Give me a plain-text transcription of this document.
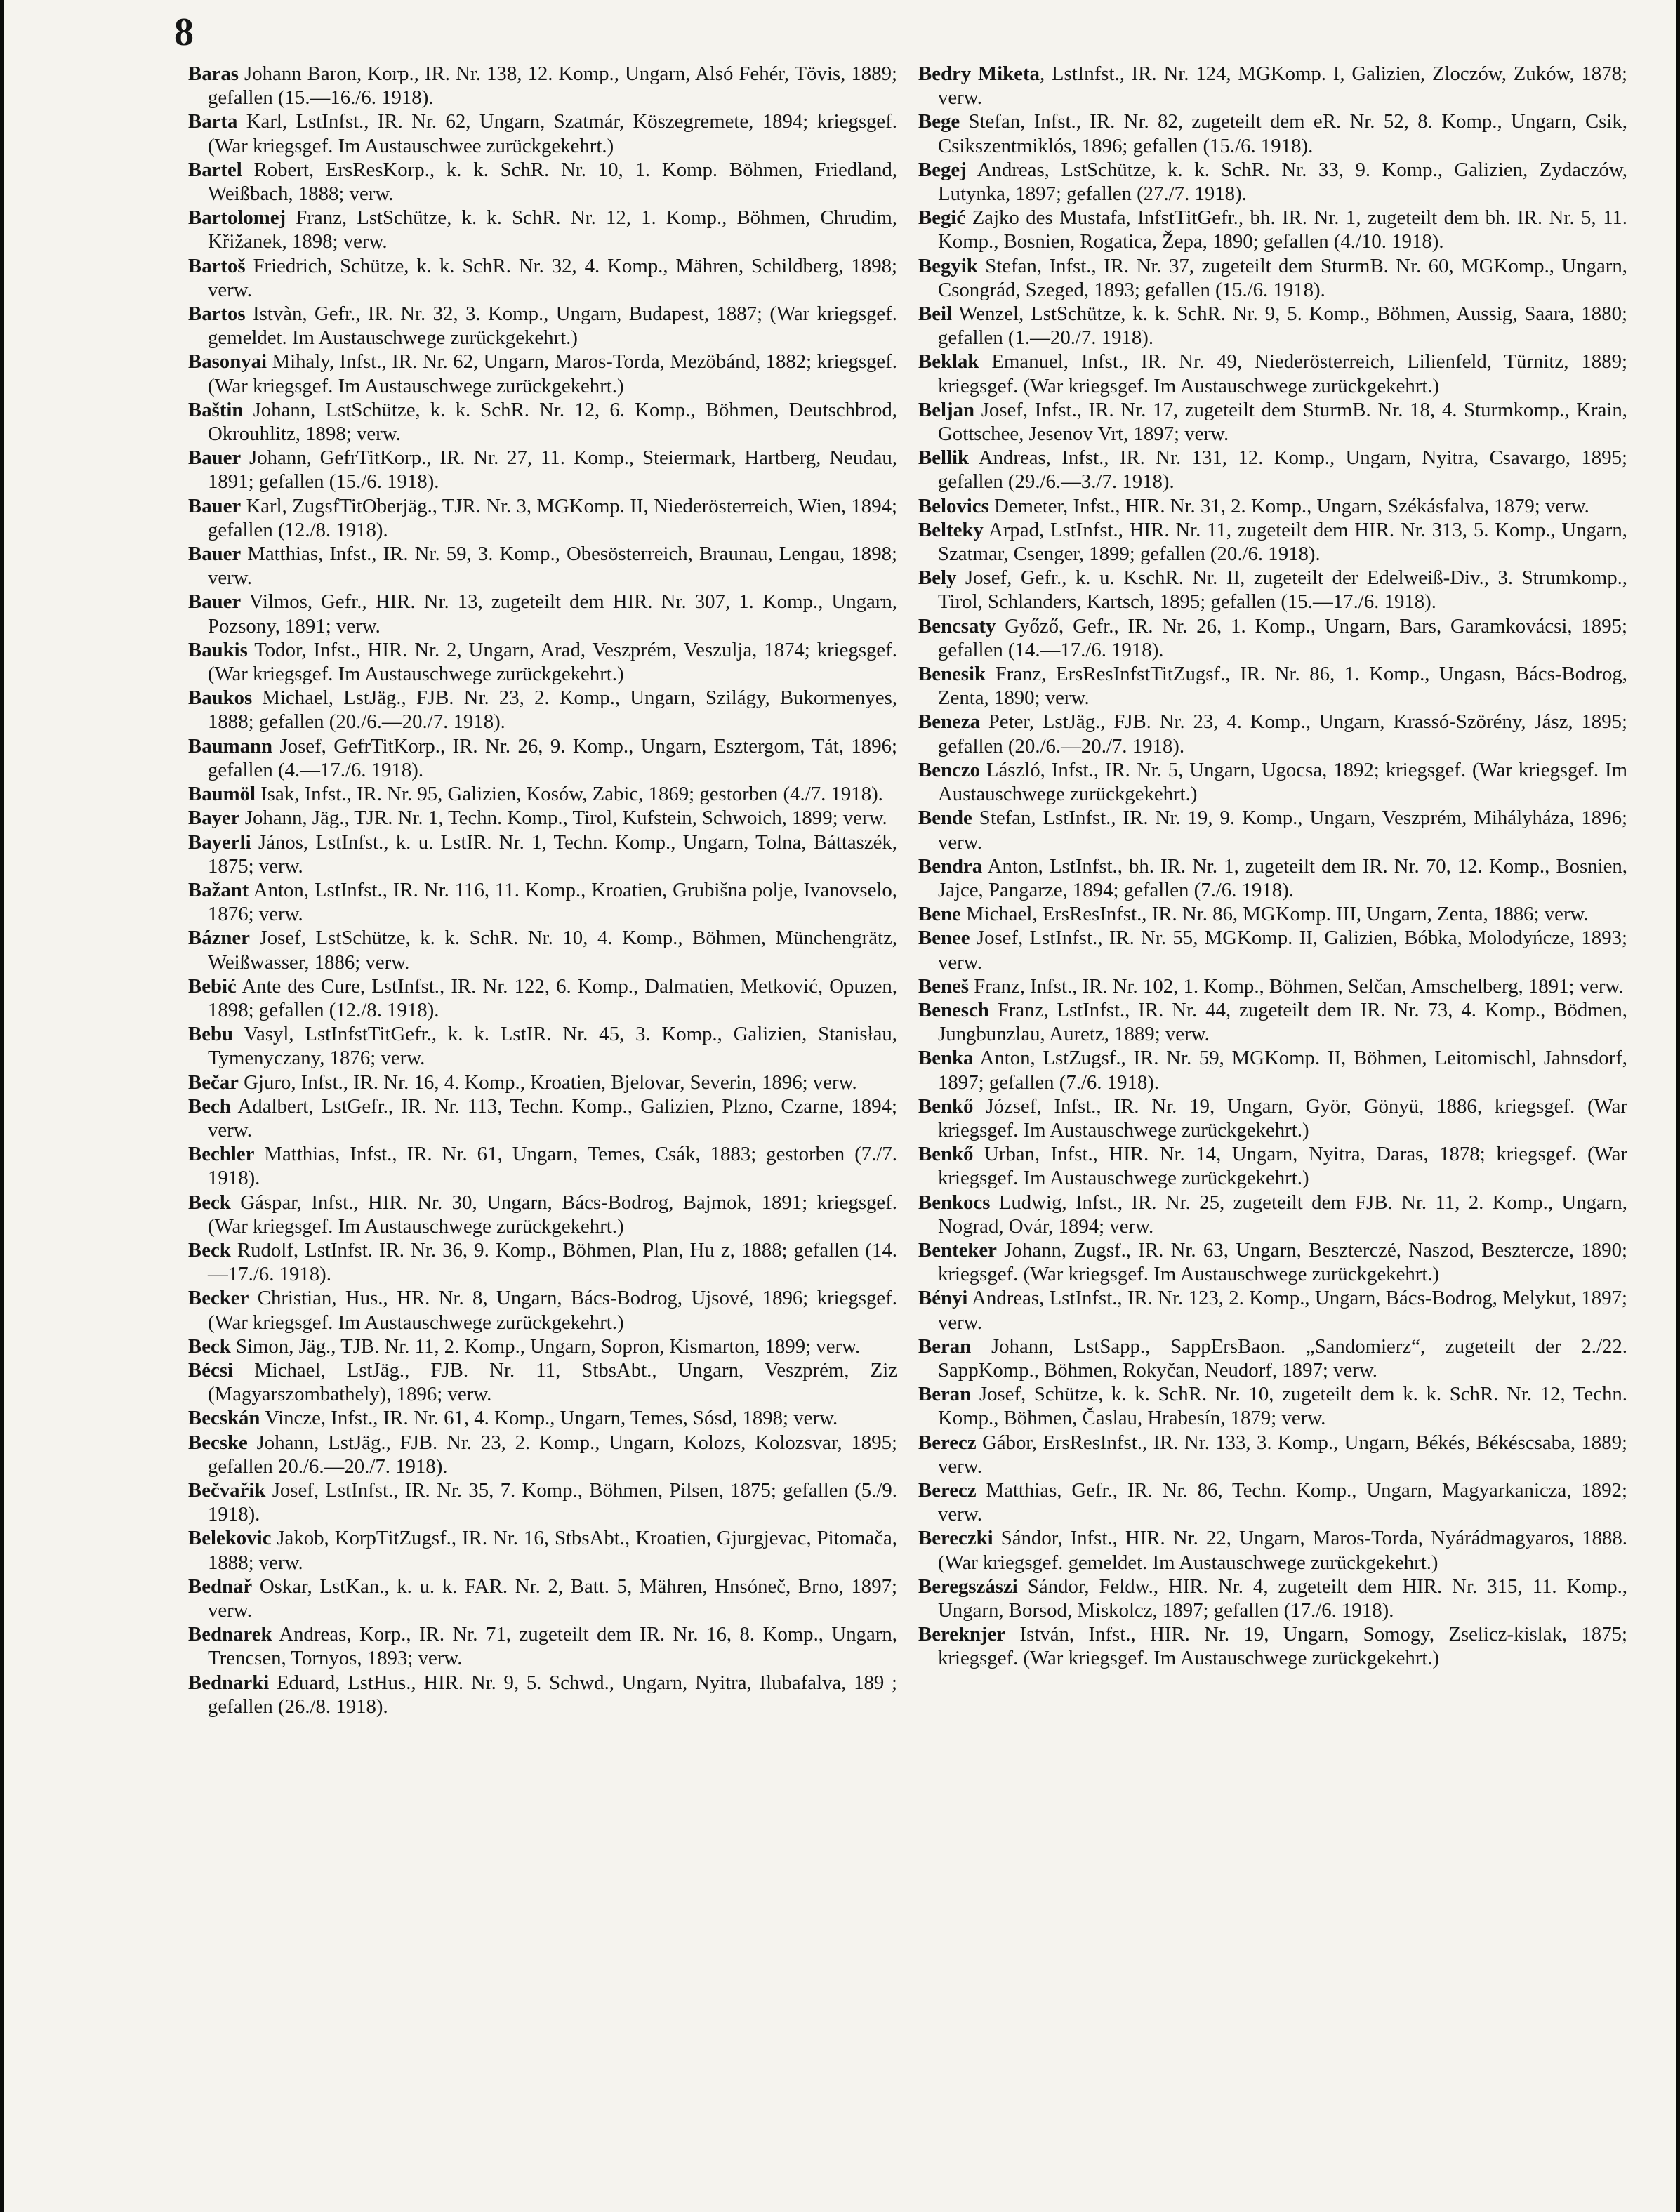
8
Baras Johann Baron, Korp., IR. Nr. 138, 12. Komp., Ungarn, Alsó Fehér, Tövis, 1889; gefallen (15.—16./6. 1918).
Barta Karl, LstInfst., IR. Nr. 62, Ungarn, Szatmár, Köszegremete, 1894; kriegsgef. (War kriegsgef. Im Austauschwe͏e zurückgekehrt.)
Bartel Robert, ErsResKorp., k. k. SchR. Nr. 10, 1. Komp. Böhmen, Friedland, Weißbach, 1888; verw.
Bartolomej Franz, LstSchütze, k. k. SchR. Nr. 12, 1. Komp., Böhmen, Chrudim, Křižanek, 1898; verw.
Bartoš Friedrich, Schütze, k. k. SchR. Nr. 32, 4. Komp., Mähren, Schildberg, 1898; verw.
Bartos Istvàn, Gefr., IR. Nr. 32, 3. Komp., Ungarn, Budapest, 1887; (War kriegsgef. gemeldet. Im Austauschwege zurückgekehrt.)
Basonyai Mihaly, Infst., IR. Nr. 62, Ungarn, Maros-Torda, Mezöbánd, 1882; kriegsgef. (War kriegsgef. Im Austauschwege zurückgekehrt.)
Baštin Johann, LstSchütze, k. k. SchR. Nr. 12, 6. Komp., Böhmen, Deutschbrod, Okrouhlitz, 1898; verw.
Bauer Johann, GefrTitKorp., IR. Nr. 27, 11. Komp., Steiermark, Hartberg, Neudau, 1891; gefallen (15./6. 1918).
Bauer Karl, ZugsfTitOberjäg., TJR. Nr. 3, MGKomp. II, Niederösterreich, Wien, 1894; gefallen (12./8. 1918).
Bauer Matthias, Infst., IR. Nr. 59, 3. Komp., Obesösterreich, Braunau, Lengau, 1898; verw.
Bauer Vilmos, Gefr., HIR. Nr. 13, zugeteilt dem HIR. Nr. 307, 1. Komp., Ungarn, Pozsony, 1891; verw.
Baukis Todor, Infst., HIR. Nr. 2, Ungarn, Arad, Veszprém, Veszulja, 1874; kriegsgef. (War kriegsgef. Im Austauschwege zurückgekehrt.)
Baukos Michael, LstJäg., FJB. Nr. 23, 2. Komp., Ungarn, Szilágy, Bukormenyes, 1888; gefallen (20./6.—20./7. 1918).
Baumann Josef, GefrTitKorp., IR. Nr. 26, 9. Komp., Ungarn, Esztergom, Tát, 1896; gefallen (4.—17./6. 1918).
Baumöl Isak, Infst., IR. Nr. 95, Galizien, Kosów, Zabic, 1869; gestorben (4./7. 1918).
Bayer Johann, Jäg., TJR. Nr. 1, Techn. Komp., Tirol, Kufstein, Schwoich, 1899; verw.
Bayerli János, LstInfst., k. u. LstIR. Nr. 1, Techn. Komp., Ungarn, Tolna, Báttaszék, 1875; verw.
Bažant Anton, LstInfst., IR. Nr. 116, 11. Komp., Kroatien, Grubišna polje, Ivanovselo, 1876; verw.
Bázner Josef, LstSchütze, k. k. SchR. Nr. 10, 4. Komp., Böhmen, Münchengrätz, Weißwasser, 1886; verw.
Bebić Ante des Cure, LstInfst., IR. Nr. 122, 6. Komp., Dalmatien, Metković, Opuzen, 1898; gefallen (12./8. 1918).
Bebu Vasyl, LstInfstTitGefr., k. k. LstIR. Nr. 45, 3. Komp., Galizien, Stanisłau, Tymenyczany, 1876; verw.
Bečar Gjuro, Infst., IR. Nr. 16, 4. Komp., Kroatien, Bjelovar, Severin, 1896; verw.
Bech Adalbert, LstGefr., IR. Nr. 113, Techn. Komp., Galizien, Plzno, Czarne, 1894; verw.
Bechler Matthias, Infst., IR. Nr. 61, Ungarn, Temes, Csák, 1883; gestorben (7./7. 1918).
Beck Gáspar, Infst., HIR. Nr. 30, Ungarn, Bács-Bodrog, Bajmok, 1891; kriegsgef. (War kriegsgef. Im Austauschwege zurückgekehrt.)
Beck Rudolf, LstInfst. IR. Nr. 36, 9. Komp., Böhmen, Plan, Hu z, 1888; gefallen (14.—17./6. 1918).
Becker Christian, Hus., HR. Nr. 8, Ungarn, Bács-Bodrog, Ujsové, 1896; kriegsgef. (War kriegsgef. Im Austauschwege zurückgekehrt.)
Beck Simon, Jäg., TJB. Nr. 11, 2. Komp., Ungarn, Sopron, Kismarton, 1899; verw.
Bécsi Michael, LstJäg., FJB. Nr. 11, StbsAbt., Ungarn, Veszprém, Ziz (Magyarszombathely), 1896; verw.
Becskán Vincze, Infst., IR. Nr. 61, 4. Komp., Ungarn, Temes, Sósd, 1898; verw.
Becske Johann, LstJäg., FJB. Nr. 23, 2. Komp., Ungarn, Kolozs, Kolozsvar, 1895; gefallen 20./6.—20./7. 1918).
Bečvařik Josef, LstInfst., IR. Nr. 35, 7. Komp., Böhmen, Pilsen, 1875; gefallen (5./9. 1918).
Belekovic Jakob, KorpTitZugsf., IR. Nr. 16, StbsAbt., Kroatien, Gjurgjevac, Pitomača, 1888; verw.
Bednař Oskar, LstKan., k. u. k. FAR. Nr. 2, Batt. 5, Mähren, Hnsóneč, Brno, 1897; verw.
Bednarek Andreas, Korp., IR. Nr. 71, zugeteilt dem IR. Nr. 16, 8. Komp., Ungarn, Trencsen, Tornyos, 1893; verw.
Bednarki Eduard, LstHus., HIR. Nr. 9, 5. Schwd., Ungarn, Nyitra, Ilubafalva, 189 ; gefallen (26./8. 1918).
Bedry Miketa, LstInfst., IR. Nr. 124, MGKomp. I, Galizien, Zloczów, Zuków, 1878; verw.
Bege Stefan, Infst., IR. Nr. 82, zugeteilt dem eR. Nr. 52, 8. Komp., Ungarn, Csik, Csikszentmiklós, 1896; gefallen (15./6. 1918).
Begej Andreas, LstSchütze, k. k. SchR. Nr. 33, 9. Komp., Galizien, Zydaczów, Lutynka, 1897; gefallen (27./7. 1918).
Begić Zajko des Mustafa, InfstTitGefr., bh. IR. Nr. 1, zugeteilt dem bh. IR. Nr. 5, 11. Komp., Bosnien, Rogatica, Žepa, 1890; gefallen (4./10. 1918).
Begyik Stefan, Infst., IR. Nr. 37, zugeteilt dem SturmB. Nr. 60, MGKomp., Ungarn, Csongrád, Szeged, 1893; gefallen (15./6. 1918).
Beil Wenzel, LstSchütze, k. k. SchR. Nr. 9, 5. Komp., Böhmen, Aussig, Saara, 1880; gefallen (1.—20./7. 1918).
Beklak Emanuel, Infst., IR. Nr. 49, Niederösterreich, Lilienfeld, Türnitz, 1889; kriegsgef. (War kriegsgef. Im Austauschwege zurückgekehrt.)
Beljan Josef, Infst., IR. Nr. 17, zugeteilt dem SturmB. Nr. 18, 4. Sturmkomp., Krain, Gottschee, Jesenov Vrt, 1897; verw.
Bellik Andreas, Infst., IR. Nr. 131, 12. Komp., Ungarn, Nyitra, Csavargo, 1895; gefallen (29./6.—3./7. 1918).
Belovics Demeter, Infst., HIR. Nr. 31, 2. Komp., Ungarn, Székásfalva, 1879; verw.
Belteky Arpad, LstInfst., HIR. Nr. 11, zugeteilt dem HIR. Nr. 313, 5. Komp., Ungarn, Szatmar, Csenger, 1899; gefallen (20./6. 1918).
Bely Josef, Gefr., k. u. KschR. Nr. II, zugeteilt der Edelweiß-Div., 3. Strumkomp., Tirol, Schlanders, Kartsch, 1895; gefallen (15.—17./6. 1918).
Bencsaty Győző, Gefr., IR. Nr. 26, 1. Komp., Ungarn, Bars, Garamkovácsi, 1895; gefallen (14.—17./6. 1918).
Benesik Franz, ErsResInfstTitZugsf., IR. Nr. 86, 1. Komp., Ungasn, Bács-Bodrog, Zenta, 1890; verw.
Beneza Peter, LstJäg., FJB. Nr. 23, 4. Komp., Ungarn, Krassó-Szörény, Jász, 1895; gefallen (20./6.—20./7. 1918).
Benczo László, Infst., IR. Nr. 5, Ungarn, Ugocsa, 1892; kriegsgef. (War kriegsgef. Im Austauschwege zurückgekehrt.)
Bende Stefan, LstInfst., IR. Nr. 19, 9. Komp., Ungarn, Veszprém, Mihályháza, 1896; verw.
Bendra Anton, LstInfst., bh. IR. Nr. 1, zugeteilt dem IR. Nr. 70, 12. Komp., Bosnien, Jajce, Pangarze, 1894; gefallen (7./6. 1918).
Bene Michael, ErsResInfst., IR. Nr. 86, MGKomp. III, Ungarn, Zenta, 1886; verw.
Benee Josef, LstInfst., IR. Nr. 55, MGKomp. II, Galizien, Bóbka, Molodyńcze, 1893; verw.
Beneš Franz, Infst., IR. Nr. 102, 1. Komp., Böhmen, Selčan, Amschelberg, 1891; verw.
Benesch Franz, LstInfst., IR. Nr. 44, zugeteilt dem IR. Nr. 73, 4. Komp., Bödmen, Jungbunzlau, Auretz, 1889; verw.
Benka Anton, LstZugsf., IR. Nr. 59, MGKomp. II, Böhmen, Leitomischl, Jahnsdorf, 1897; gefallen (7./6. 1918).
Benkő József, Infst., IR. Nr. 19, Ungarn, Györ, Gönyü, 1886, kriegsgef. (War kriegsgef. Im Austauschwege zurückgekehrt.)
Benkő Urban, Infst., HIR. Nr. 14, Ungarn, Nyitra, Daras, 1878; kriegsgef. (War kriegsgef. Im Austauschwege zurückgekehrt.)
Benkocs Ludwig, Infst., IR. Nr. 25, zugeteilt dem FJB. Nr. 11, 2. Komp., Ungarn, Nograd, Ovár, 1894; verw.
Benteker Johann, Zugsf., IR. Nr. 63, Ungarn, Beszterczé, Naszod, Besztercze, 1890; kriegsgef. (War kriegsgef. Im Austauschwege zurückgekehrt.)
Bényi Andreas, LstInfst., IR. Nr. 123, 2. Komp., Ungarn, Bács-Bodrog, Melykut, 1897; verw.
Beran Johann, LstSapp., SappErsBaon. „Sandomierz“, zugeteilt der 2./22. SappKomp., Böhmen, Rokyčan, Neudorf, 1897; verw.
Beran Josef, Schütze, k. k. SchR. Nr. 10, zugeteilt dem k. k. SchR. Nr. 12, Techn. Komp., Böhmen, Časlau, Hrabesín, 1879; verw.
Berecz Gábor, ErsResInfst., IR. Nr. 133, 3. Komp., Ungarn, Békés, Békéscsaba, 1889; verw.
Berecz Matthias, Gefr., IR. Nr. 86, Techn. Komp., Ungarn, Magyarkanicza, 1892; verw.
Bereczki Sándor, Infst., HIR. Nr. 22, Ungarn, Maros-Torda, Nyárádmagyaros, 1888. (War kriegsgef. gemeldet. Im Austauschwege zurückgekehrt.)
Beregszászi Sándor, Feldw., HIR. Nr. 4, zugeteilt dem HIR. Nr. 315, 11. Komp., Ungarn, Borsod, Miskolcz, 1897; gefallen (17./6. 1918).
Bereknjer István, Infst., HIR. Nr. 19, Ungarn, Somogy, Zselicz-kislak, 1875; kriegsgef. (War kriegsgef. Im Austauschwege zurückgekehrt.)
